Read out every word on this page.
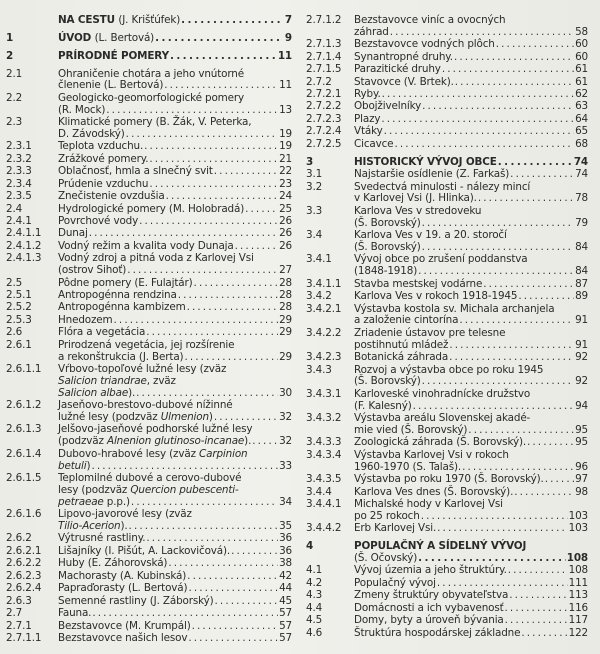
NA CESTU (J. Krišťúfek) . . .	7
1	ÚVOD (L. Bertová) . . .	9
2	PRÍRODNÉ POMERY . . .	11
2.1	Ohraničenie chotára a jeho vnútorné
členenie (L. Bertová) . . .	11
2.2	Geologicko-geomorfologické pomery
(R. Mock) . . .	13
2.3	Klimatické pomery (B. Žák, V. Peterka,
D. Závodský) . . .	19
2.3.1	Teplota vzduchu. . . .	19
2.3.2	Zrážkové pomery. . . .	21
2.3.3	Oblačnosť, hmla a slnečný svit . . .	22
2.3.4	Prúdenie vzduchu . . .	23
2.3.5	Znečistenie ovzdušia . . .	24
2.4	Hydrologické pomery (M. Holobradá) . . .	25
2.4.1	Povrchové vody . . .	26
2.4.1.1 Dunaj . . .	26
2.4.1.2 Vodný režim a kvalita vody Dunaja . . .	26
2.4.1.3 Vodný zdroj a pitná voda z Karlovej Vsi
(ostrov Sihoť) . . .	27
2.5	Pôdne pomery (E. Fulajtár) . . .	28
2.5.1	Antropogénna rendzina . . .	28
2.5.2	Antropogénna kambizem . . .	28
2.5.3	Hnedozem . . .	29
2.6	Flóra a vegetácia . . .	29
2.6.1	Prirodzená vegetácia, jej rozšírenie
a rekonštrukcia (J. Berta) . . .	29
2.6.1.1 Vŕbovo-topoľové lužné lesy (zväz
Salicion triandrae, zväz
Salicion albae). . . .	30
2.6.1.2 Jaseňovo-brestovo-dubové nížinné
lužné lesy (podzväz Ulmenion) . . .	32
2.6.1.3 Jelšovo-jaseňové podhorské lužné lesy
(podzväz Alnenion glutinoso-incanae). . . .	32
2.6.1.4 Dubovo-hrabové lesy (zväz Carpinion
betuli) . . .	33
2.6.1.5 Teplomilné dubové a cerovo-dubové
lesy (podzväz Quercion pubescenti-
petraeae p.p.) . . .	34
2.6.1.6 Lipovo-javorové lesy (zväz
Tilio-Acerion). . . .	35
2.6.2	Výtrusné rastliny. . . .	36
2.6.2.1 Lišajníky (I. Pišút, A. Lackovičová). . . .	36
2.6.2.2 Huby (E. Záhorovská) . . .	38
2.6.2.3 Machorasty (A. Kubinská) . . .	42
2.6.2.4 Papraďorasty (L. Bertová) . . .	44
2.6.3	Semenné rastliny (J. Záborský) . . .	45
2.7	Fauna. . . .	57
2.7.1	Bezstavovce (M. Krumpál) . . .	57
2.7.1.1 Bezstavovce našich lesov . . .	57
2.7.1.2 Bezstavovce viníc a ovocných
záhrad . . .	58
2.7.1.3 Bezstavovce vodných plôch . . .	60
2.7.1.4 Synantropné druhy. . . .	60
2.7.1.5 Parazitické druhy . . .	61
2.7.2 Stavovce (V. Brtek). . . .	61
2.7.2.1 Ryby. . . .	62
2.7.2.2 Obojživelníky . . .	63
2.7.2.3 Plazy . . .	64
2.7.2.4 Vtáky . . .	65
2.7.2.5 Cicavce . . .	68
3	HISTORICKÝ VÝVOJ OBCE . . .	74
3.1	Najstaršie osídlenie (Z. Farkaš) . . .	74
3.2	Svedectvá minulosti - nálezy mincí
v Karlovej Vsi (J. Hlinka). . . .	78
3.3	Karlova Ves v stredoveku
(Š. Borovský) . . .	79
3.4	Karlova Ves v 19. a 20. storočí
(Š. Borovský) . . .	84
3.4.1 Vývoj obce po zrušení poddanstva
(1848-1918) . . .	84
3.4.1.1 Stavba mestskej vodárne . . .	87
3.4.2 Karlova Ves v rokoch 1918-1945 . . .	89
3.4.2.1 Výstavba kostola sv. Michala archanjela
a založenie cintorína . . .	91
3.4.2.2 Zriadenie ústavov pre telesne
postihnutú mládež . . .	91
3.4.2.3 Botanická záhrada . . .	92
3.4.3 Rozvoj a výstavba obce po roku 1945
(Š. Borovský) . . .	92
3.4.3.1 Karloveské vinohradnícke družstvo
(F. Kalesný) . . .	94
3.4.3.2 Výstavba areálu Slovenskej akadé-
mie vied (Š. Borovský) . . .	95
3.4.3.3 Zoologická záhrada (Š. Borovský). . . .	95
3.4.3.4 Výstavba Karlovej Vsi v rokoch
1960-1970 (S. Talaš). . . .	96
3.4.3.5 Výstavba po roku 1970 (Š. Borovský). . . .	97
3.4.4 Karlova Ves dnes (Š. Borovský). . . .	98
3.4.4.1 Michalské hody v Karlovej Vsi
po 25 rokoch . . .	103
3.4.4.2 Erb Karlovej Vsi. . . .	103
4	POPULAČNÝ A SÍDELNÝ VÝVOJ
(Š. Očovský) . . .	108
4.1	Vývoj územia a jeho štruktúry. . . .	108
4.2	Populačný vývoj . . .	111
4.3	Zmeny štruktúry obyvateľstva . . .	113
4.4	Domácnosti a ich vybavenosť . . .	116
4.5	Domy, byty a úroveň bývania . . .	117
4.6	Štruktúra hospodárskej základne . . .	122
